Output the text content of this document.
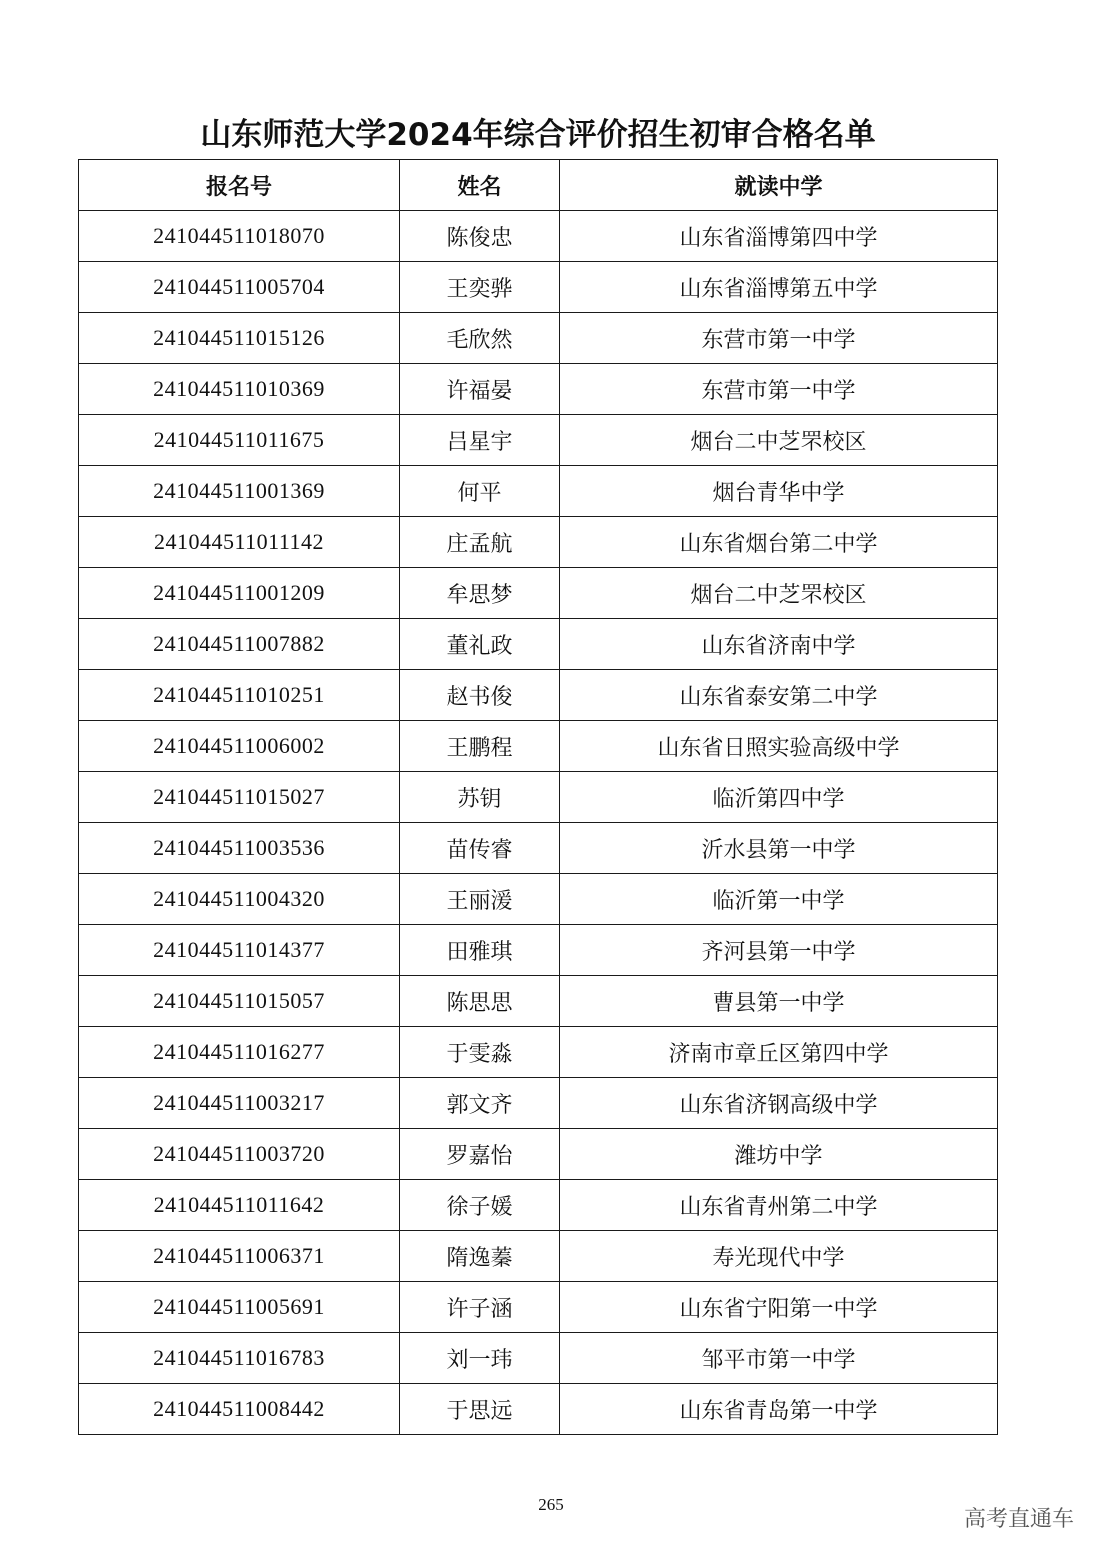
山东师范大学2024年综合评价招生初审合格名单
报名号	姓名	就读中学
241044511018070	陈俊忠	山东省淄博第四中学
241044511005704	王奕骅	山东省淄博第五中学
241044511015126	毛欣然	东营市第一中学
241044511010369	许福晏	东营市第一中学
241044511011675	吕星宇	烟台二中芝罘校区
241044511001369	何平	烟台青华中学
241044511011142	庄孟航	山东省烟台第二中学
241044511001209	牟思梦	烟台二中芝罘校区
241044511007882	董礼政	山东省济南中学
241044511010251	赵书俊	山东省泰安第二中学
241044511006002	王鹏程	山东省日照实验高级中学
241044511015027	苏钥	临沂第四中学
241044511003536	苗传睿	沂水县第一中学
241044511004320	王丽湲	临沂第一中学
241044511014377	田雅琪	齐河县第一中学
241044511015057	陈思思	曹县第一中学
241044511016277	于雯淼	济南市章丘区第四中学
241044511003217	郭文齐	山东省济钢高级中学
241044511003720	罗嘉怡	潍坊中学
241044511011642	徐子媛	山东省青州第二中学
241044511006371	隋逸蓁	寿光现代中学
241044511005691	许子涵	山东省宁阳第一中学
241044511016783	刘一玮	邹平市第一中学
241044511008442	于思远	山东省青岛第一中学
265
高考直通车
